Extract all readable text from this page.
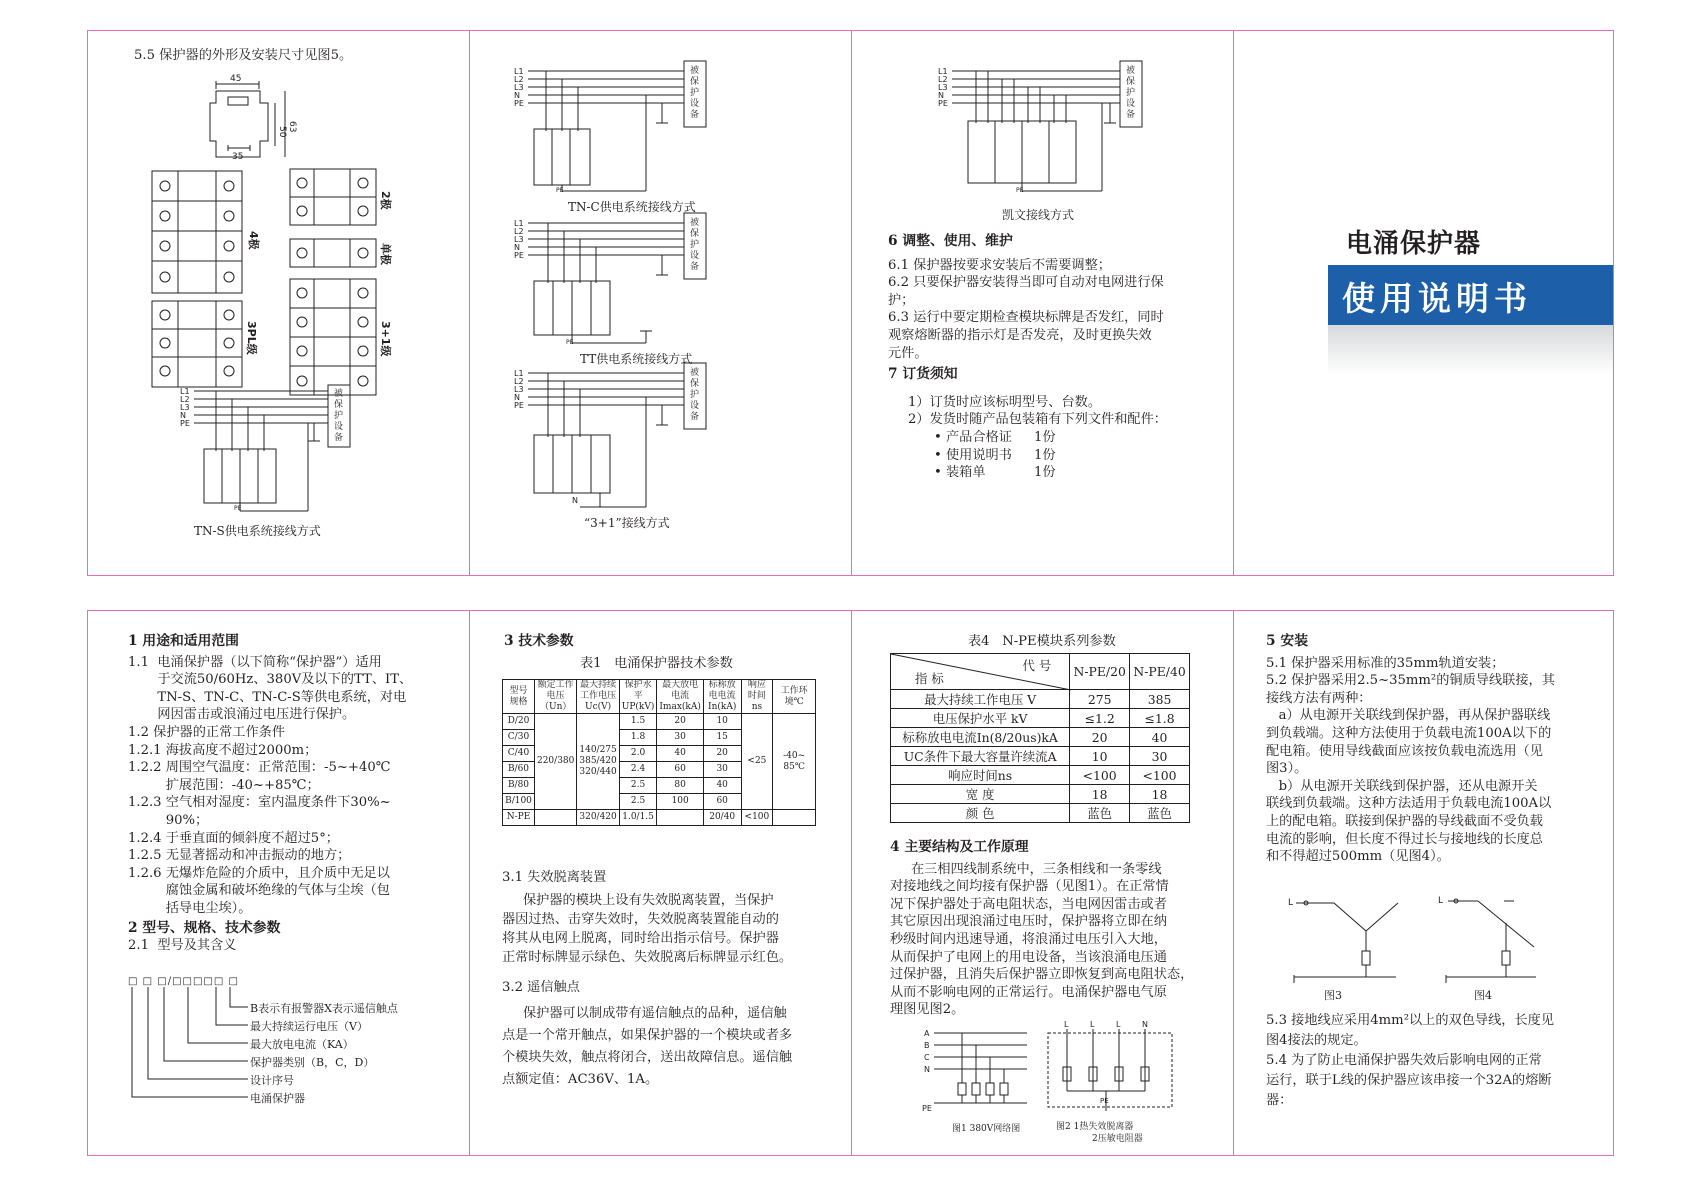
5.5 保护器的外形及安装尺寸见图5。
45
35
50 63
4极
2极
单极
3PL级	3+1级
L1
L2
L3
N
PE
被
保
护
设
备
PE
TN-S供电系统接线方式
L1
L2
L3
N
PE
被
保
护
设
备
PE
L1
L2
L3
N
PE
被
保
护
设
备
PE
L1
L2
L3
N
PE
被
保
护
设
备
N
TN-C供电系统接线方式
TT供电系统接线方式
“3+1”接线方式
L1
L2
L3
N
PE
被
保
护
设
备
PE
凯文接线方式
6 调整、使用、维护
6.1 保护器按要求安装后不需要调整；
6.2 只要保护器安装得当即可自动对电网进行保
护；
6.3 运行中要定期检查模块标牌是否发红，同时
观察熔断器的指示灯是否发亮，及时更换失效
元件。
7 订货须知
1）订货时应该标明型号、台数。
2）发货时随产品包装箱有下列文件和配件：
• 产品合格证 1份
• 使用说明书 1份
• 装箱单	1份
电涌保护器
使用说明书
1 用途和适用范围
1.1  电涌保护器（以下简称“保护器”）适用
于交流50/60Hz、380V及以下的TT、IT、
TN-S、TN-C、TN-C-S等供电系统，对电
网因雷击或浪涌过电压进行保护。
1.2 保护器的正常工作条件
1.2.1 海拔高度不超过2000m；
1.2.2 周围空气温度：正常范围：-5~+40℃
扩展范围：-40~+85℃；
1.2.3 空气相对湿度：室内温度条件下30%~
90%；
1.2.4 于垂直面的倾斜度不超过5°；
1.2.5 无显著摇动和冲击振动的地方；
1.2.6 无爆炸危险的介质中，且介质中无足以
腐蚀金属和破坏绝缘的气体与尘埃（包
括导电尘埃）。
2 型号、规格、技术参数
2.1  型号及其含义
□ □ □/□□□□□ □
B表示有报警器X表示遥信触点
最大持续运行电压（V）
最大放电电流（KA）
保护器类别（B，C，D）
设计序号
电涌保护器
3 技术参数
表1   电涌保护器技术参数
型号规格	额定工作电压（Un）	最大持续工作电压Uc(V)	保护水平UP(kV)	最大放电电流Imax(kA)	标称放电电流In(kA)	响应时间ns	工作环境℃
D/20	220/380	140/275 385/420 320/440	1.5	20	10	<25	-40~ 85℃
C/30			1.8	30	15		
C/40			2.0	40	20		
B/60			2.4	60	30		
B/80			2.5	80	40		
B/100			2.5	100	60		
N-PE		320/420	1.0/1.5		20/40	<100	
3.1 失效脱离装置
保护器的模块上设有失效脱离装置，当保护
器因过热、击穿失效时，失效脱离装置能自动的
将其从电网上脱离，同时给出指示信号。保护器
正常时标牌显示绿色、失效脱离后标牌显示红色。
3.2 遥信触点
保护器可以制成带有遥信触点的品种，遥信触
点是一个常开触点，如果保护器的一个模块或者多
个模块失效，触点将闭合，送出故障信息。遥信触
点额定值：AC36V、1A。
表4   N-PE模块系列参数
代 号
指 标	N-PE/20	N-PE/40
最大持续工作电压 V	275	385
电压保护水平 kV	≤1.2	≤1.8
标称放电电流In(8/20us)kA	20	40
UC条件下最大容量许续流A	10	30
响应时间ns	<100	<100
宽 度	18	18
颜 色	蓝色	蓝色
4 主要结构及工作原理
在三相四线制系统中，三条相线和一条零线
对接地线之间均接有保护器（见图1）。在正常情
况下保护器处于高电阻状态，当电网因雷击或者
其它原因出现浪涌过电压时，保护器将立即在纳
秒级时间内迅速导通，将浪涌过电压引入大地，
从而保护了电网上的用电设备，当该浪涌电压通
过保护器，且消失后保护器立即恢复到高电阻状态，
从而不影响电网的正常运行。电涌保护器电气原
理图见图2。
A
B
C
N
PE
L	L	L	N
PE
图1 380V网络图	图2 1热失效脱离器
2压敏电阻器
5 安装
5.1 保护器采用标准的35mm轨道安装；
5.2 保护器采用2.5~35mm²的铜质导线联接，其
接线方法有两种：
a）从电源开关联线到保护器，再从保护器联线
到负载端。这种方法使用于负载电流100A以下的
配电箱。使用导线截面应该按负载电流选用（见
图3）。
b）从电源开关联线到保护器，还从电源开关
联线到负载端。这种方法适用于负载电流100A以
上的配电箱。联接到保护器的导线截面不受负载
电流的影响，但长度不得过长与接地线的长度总
和不得超过500mm（见图4）。
L	L
图3	图4
5.3 接地线应采用4mm²以上的双色导线，长度见
图4接法的规定。
5.4 为了防止电涌保护器失效后影响电网的正常
运行，联于L线的保护器应该串接一个32A的熔断
器：
